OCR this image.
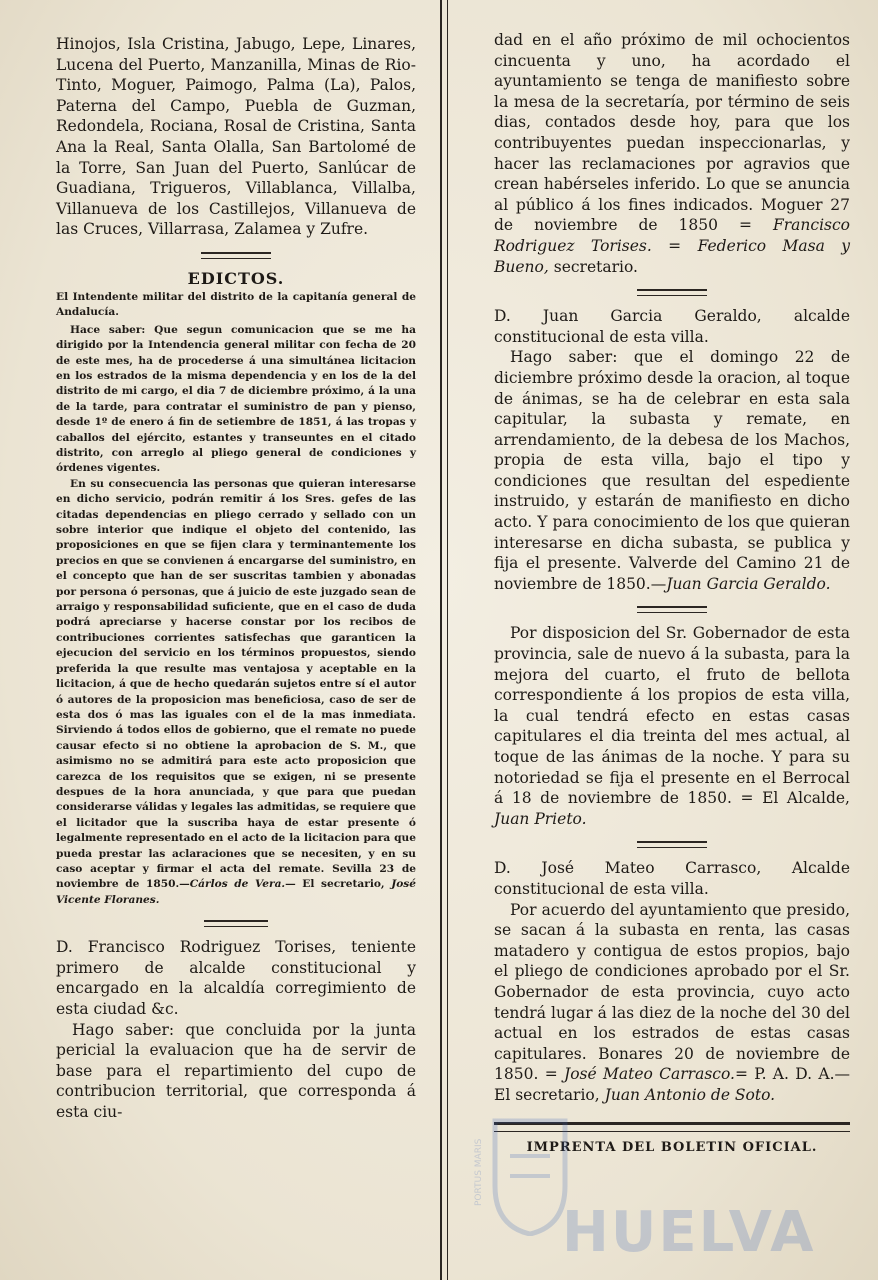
Hinojos, Isla Cristina, Jabugo, Lepe, Linares, Lucena del Puerto, Manzanilla, Minas de Rio-Tinto, Moguer, Paimogo, Palma (La), Palos, Paterna del Campo, Puebla de Guzman, Redondela, Rociana, Rosal de Cristina, Santa Ana la Real, Santa Olalla, San Bartolomé de la Torre, San Juan del Puerto, Sanlúcar de Guadiana, Trigueros, Villablanca, Villalba, Villanueva de los Castillejos, Villanueva de las Cruces, Villarrasa, Zalamea y Zufre.

EDICTOS.

El Intendente militar del distrito de la capitanía general de Andalucía.

Hace saber: Que segun comunicacion que se me ha dirigido por la Intendencia general militar con fecha de 20 de este mes, ha de procederse á una simultánea licitacion en los estrados de la misma dependencia y en los de la del distrito de mi cargo, el dia 7 de diciembre próximo, á la una de la tarde, para contratar el suministro de pan y pienso, desde 1º de enero á fin de setiembre de 1851, á las tropas y caballos del ejército, estantes y transeuntes en el citado distrito, con arreglo al pliego general de condiciones y órdenes vigentes.

En su consecuencia las personas que quieran interesarse en dicho servicio, podrán remitir á los Sres. gefes de las citadas dependencias en pliego cerrado y sellado con un sobre interior que indique el objeto del contenido, las proposiciones en que se fijen clara y terminantemente los precios en que se convienen á encargarse del suministro, en el concepto que han de ser suscritas tambien y abonadas por persona ó personas, que á juicio de este juzgado sean de arraigo y responsabilidad suficiente, que en el caso de duda podrá apreciarse y hacerse constar por los recibos de contribuciones corrientes satisfechas que garanticen la ejecucion del servicio en los términos propuestos, siendo preferida la que resulte mas ventajosa y aceptable en la licitacion, á que de hecho quedarán sujetos entre sí el autor ó autores de la proposicion mas beneficiosa, caso de ser de esta dos ó mas las iguales con el de la mas inmediata. Sirviendo á todos ellos de gobierno, que el remate no puede causar efecto si no obtiene la aprobacion de S. M., que asimismo no se admitirá para este acto proposicion que carezca de los requisitos que se exigen, ni se presente despues de la hora anunciada, y que para que puedan considerarse válidas y legales las admitidas, se requiere que el licitador que la suscriba haya de estar presente ó legalmente representado en el acto de la licitacion para que pueda prestar las aclaraciones que se necesiten, y en su caso aceptar y firmar el acta del remate. Sevilla 23 de noviembre de 1850.—Cárlos de Vera.— El secretario, José Vicente Floranes.

D. Francisco Rodriguez Torises, teniente primero de alcalde constitucional y encargado en la alcaldía corregimiento de esta ciudad &c.

Hago saber: que concluida por la junta pericial la evaluacion que ha de servir de base para el repartimiento del cupo de contribucion territorial, que corresponda á esta ciu-

dad en el año próximo de mil ochocientos cincuenta y uno, ha acordado el ayuntamiento se tenga de manifiesto sobre la mesa de la secretaría, por término de seis dias, contados desde hoy, para que los contribuyentes puedan inspeccionarlas, y hacer las reclamaciones por agravios que crean habérseles inferido. Lo que se anuncia al público á los fines indicados. Moguer 27 de noviembre de 1850 = Francisco Rodriguez Torises. = Federico Masa y Bueno, secretario.

D. Juan Garcia Geraldo, alcalde constitucional de esta villa.

Hago saber: que el domingo 22 de diciembre próximo desde la oracion, al toque de ánimas, se ha de celebrar en esta sala capitular, la subasta y remate, en arrendamiento, de la debesa de los Machos, propia de esta villa, bajo el tipo y condiciones que resultan del espediente instruido, y estarán de manifiesto en dicho acto. Y para conocimiento de los que quieran interesarse en dicha subasta, se publica y fija el presente. Valverde del Camino 21 de noviembre de 1850.—Juan Garcia Geraldo.

Por disposicion del Sr. Gobernador de esta provincia, sale de nuevo á la subasta, para la mejora del cuarto, el fruto de bellota correspondiente á los propios de esta villa, la cual tendrá efecto en estas casas capitulares el dia treinta del mes actual, al toque de las ánimas de la noche. Y para su notoriedad se fija el presente en el Berrocal á 18 de noviembre de 1850. = El Alcalde, Juan Prieto.

D. José Mateo Carrasco, Alcalde constitucional de esta villa.

Por acuerdo del ayuntamiento que presido, se sacan á la subasta en renta, las casas matadero y contigua de estos propios, bajo el pliego de condiciones aprobado por el Sr. Gobernador de esta provincia, cuyo acto tendrá lugar á las diez de la noche del 30 del actual en los estrados de estas casas capitulares. Bonares 20 de noviembre de 1850. = José Mateo Carrasco.= P. A. D. A.—El secretario, Juan Antonio de Soto.

IMPRENTA DEL BOLETIN OFICIAL.
PORTUS MARIS
HUELVA
